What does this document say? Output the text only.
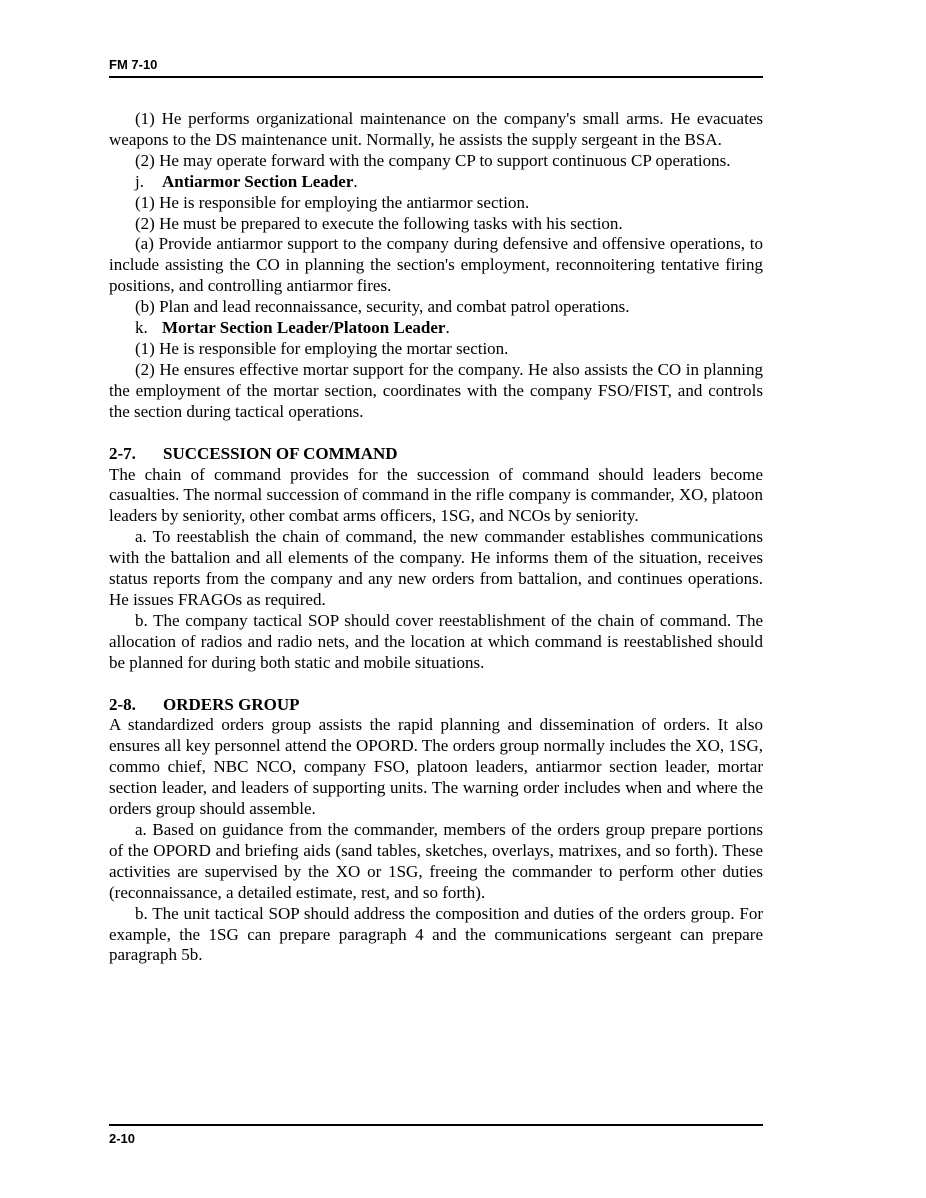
FM 7-10

(1) He performs organizational maintenance on the company's small arms. He evacuates weapons to the DS maintenance unit. Normally, he assists the supply sergeant in the BSA.

(2) He may operate forward with the company CP to support continuous CP operations.

j. Antiarmor Section Leader.

(1) He is responsible for employing the antiarmor section.

(2) He must be prepared to execute the following tasks with his section.

(a) Provide antiarmor support to the company during defensive and offensive operations, to include assisting the CO in planning the section's employment, reconnoitering tentative firing positions, and controlling antiarmor fires.

(b) Plan and lead reconnaissance, security, and combat patrol operations.

k. Mortar Section Leader/Platoon Leader.

(1) He is responsible for employing the mortar section.

(2) He ensures effective mortar support for the company. He also assists the CO in planning the employment of the mortar section, coordinates with the company FSO/FIST, and controls the section during tactical operations.

2-7. SUCCESSION OF COMMAND

The chain of command provides for the succession of command should leaders become casualties. The normal succession of command in the rifle company is commander, XO, platoon leaders by seniority, other combat arms officers, 1SG, and NCOs by seniority.

a. To reestablish the chain of command, the new commander establishes communications with the battalion and all elements of the company. He informs them of the situation, receives status reports from the company and any new orders from battalion, and continues operations. He issues FRAGOs as required.

b. The company tactical SOP should cover reestablishment of the chain of command. The allocation of radios and radio nets, and the location at which command is reestablished should be planned for during both static and mobile situations.

2-8. ORDERS GROUP

A standardized orders group assists the rapid planning and dissemination of orders. It also ensures all key personnel attend the OPORD. The orders group normally includes the XO, 1SG, commo chief, NBC NCO, company FSO, platoon leaders, antiarmor section leader, mortar section leader, and leaders of supporting units. The warning order includes when and where the orders group should assemble.

a. Based on guidance from the commander, members of the orders group prepare portions of the OPORD and briefing aids (sand tables, sketches, overlays, matrixes, and so forth). These activities are supervised by the XO or 1SG, freeing the commander to perform other duties (reconnaissance, a detailed estimate, rest, and so forth).

b. The unit tactical SOP should address the composition and duties of the orders group. For example, the 1SG can prepare paragraph 4 and the communications sergeant can prepare paragraph 5b.

2-10
